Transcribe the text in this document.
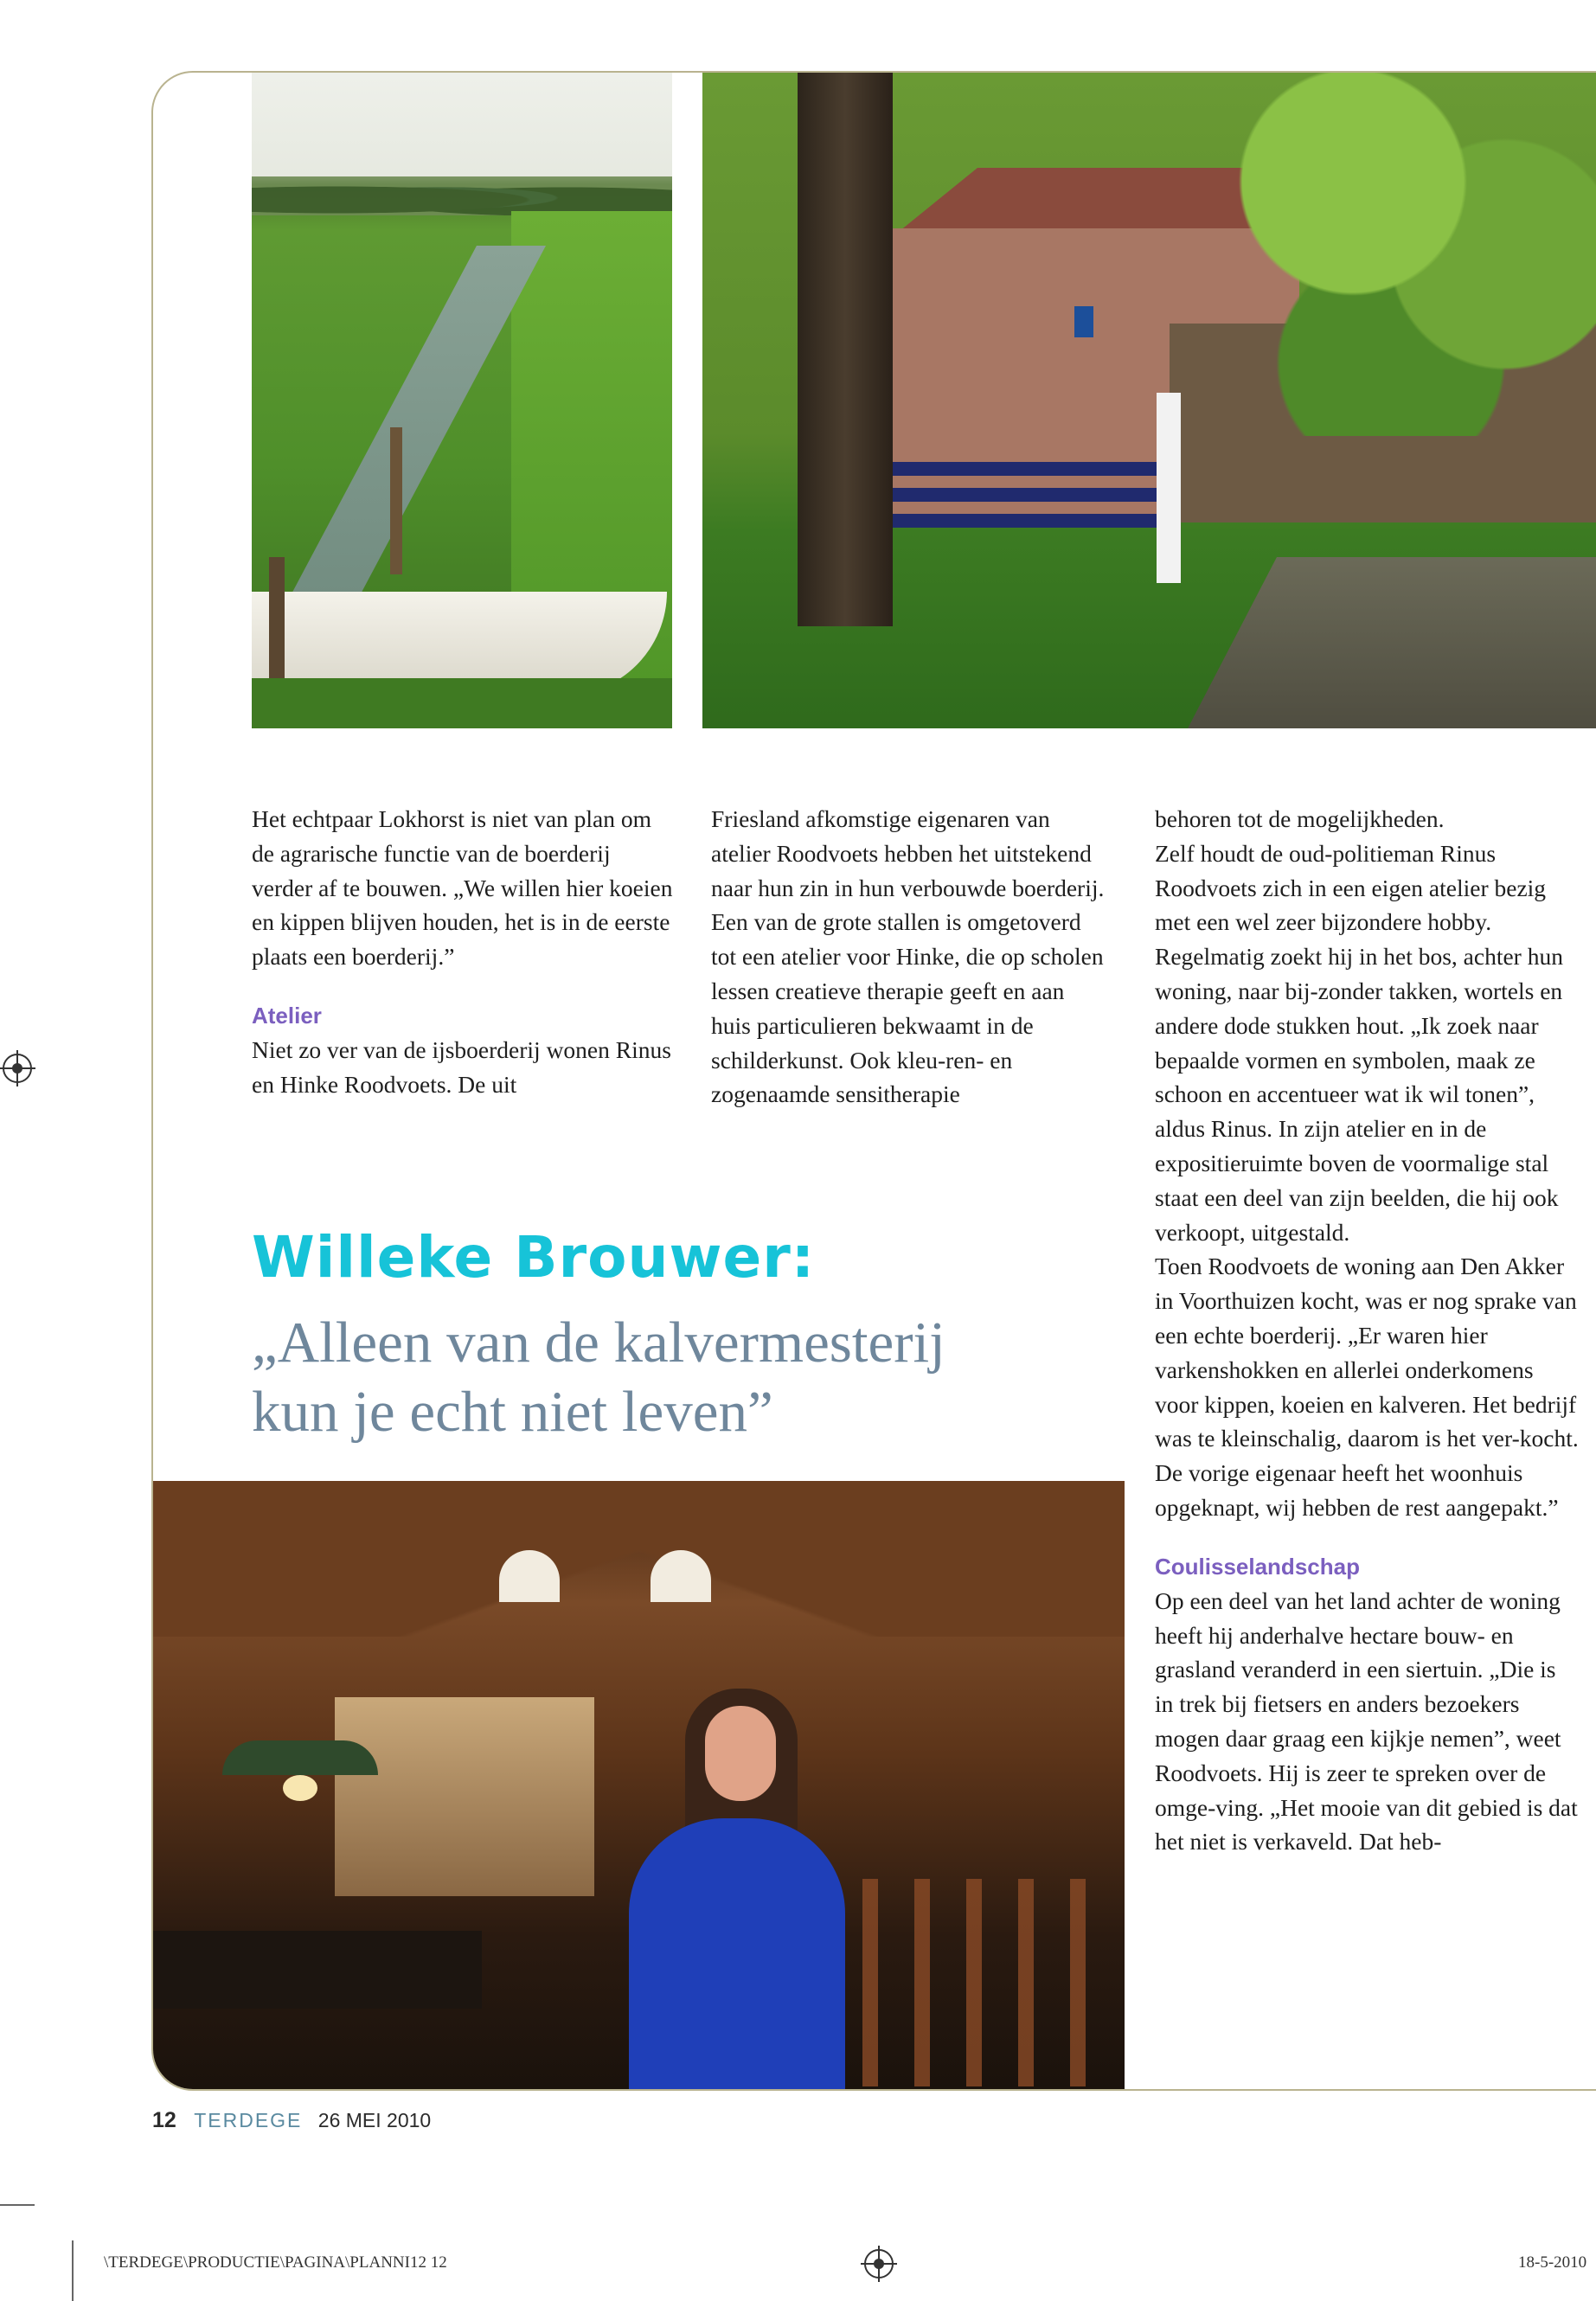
Het echtpaar Lokhorst is niet van plan om de agrarische functie van de boerderij verder af te bouwen. „We willen hier koeien en kippen blijven houden, het is in de eerste plaats een boerderij.”

Atelier

Niet zo ver van de ijsboerderij wonen Rinus en Hinke Roodvoets. De uit

Friesland afkomstige eigenaren van atelier Roodvoets hebben het uitstekend naar hun zin in hun verbouwde boerderij. Een van de grote stallen is omgetoverd tot een atelier voor Hinke, die op scholen lessen creatieve therapie geeft en aan huis particulieren bekwaamt in de schilderkunst. Ook kleu-ren- en zogenaamde sensitherapie

behoren tot de mogelijkheden.

Zelf houdt de oud-politieman Rinus Roodvoets zich in een eigen atelier bezig met een wel zeer bijzondere hobby. Regelmatig zoekt hij in het bos, achter hun woning, naar bij-zonder takken, wortels en andere dode stukken hout. „Ik zoek naar bepaalde vormen en symbolen, maak ze schoon en accentueer wat ik wil tonen”, aldus Rinus. In zijn atelier en in de expositieruimte boven de voormalige stal staat een deel van zijn beelden, die hij ook verkoopt, uitgestald.

Toen Roodvoets de woning aan Den Akker in Voorthuizen kocht, was er nog sprake van een echte boerderij. „Er waren hier varkenshokken en allerlei onderkomens voor kippen, koeien en kalveren. Het bedrijf was te kleinschalig, daarom is het ver-kocht. De vorige eigenaar heeft het woonhuis opgeknapt, wij hebben de rest aangepakt.”

Coulisselandschap

Op een deel van het land achter de woning heeft hij anderhalve hectare bouw- en grasland veranderd in een siertuin. „Die is in trek bij fietsers en anders bezoekers mogen daar graag een kijkje nemen”, weet Roodvoets. Hij is zeer te spreken over de omge-ving. „Het mooie van dit gebied is dat het niet is verkaveld. Dat heb-

Willeke Brouwer:
„Alleen van de kalvermesterij
kun je echt niet leven”
12 TERDEGE 26 MEI 2010
\TERDEGE\PRODUCTIE\PAGINA\PLANNI12 12	18-5-2010
